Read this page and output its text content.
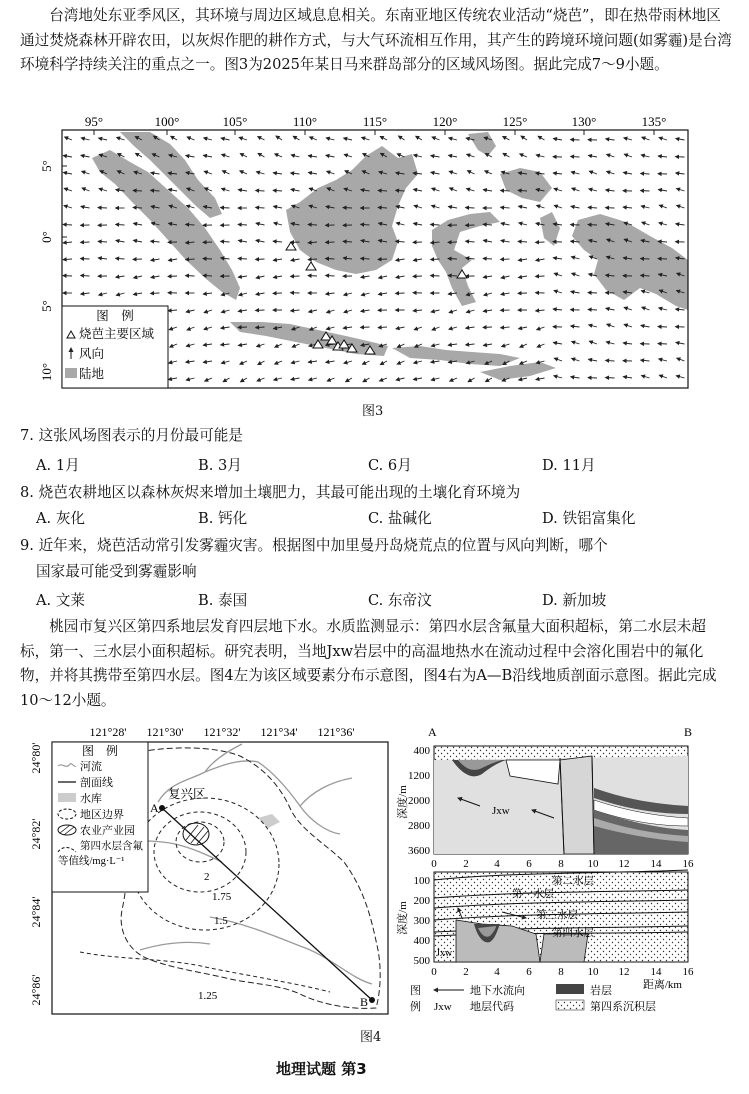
台湾地处东亚季风区，其环境与周边区域息息相关。东南亚地区传统农业活动“烧芭”，即在热带雨林地区通过焚烧森林开辟农田，以灰烬作肥的耕作方式，与大气环流相互作用，其产生的跨境环境问题(如雾霾)是台湾环境科学持续关注的重点之一。图3为2025年某日马来群岛部分的区域风场图。据此完成7～9小题。

95°	100°	105°	110°	115°	120°	125°	130°	135°
5°
0°
5°
10°
图　例
烧芭主要区域
风向
陆地
图3
7. 这张风场图表示的月份最可能是
A. 1月	B. 3月	C. 6月	D. 11月
8. 烧芭农耕地区以森林灰烬来增加土壤肥力，其最可能出现的土壤化育环境为
A. 灰化	B. 钙化	C. 盐碱化	D. 铁铝富集化
9. 近年来，烧芭活动常引发雾霾灾害。根据图中加里曼丹岛烧荒点的位置与风向判断，哪个
国家最可能受到雾霾影响
A. 文莱	B. 泰国	C. 东帝汶	D. 新加坡

桃园市复兴区第四系地层发育四层地下水。水质监测显示：第四水层含氟量大面积超标，第二水层未超标，第一、三水层小面积超标。研究表明，当地Jxw岩层中的高温地热水在流动过程中会溶化围岩中的氟化物，并将其携带至第四水层。图4左为该区域要素分布示意图，图4右为A—B沿线地质剖面示意图。据此完成10～12小题。

121°28' 121°30' 121°32' 121°34' 121°36'
24°80'
24°82'
24°84'
24°86'
A
B
复兴区
2
1.75
1.5
1.25
图　例
河流
剖面线
水库
地区边界
农业产业园
第四水层含氟
等值线/mg·L⁻¹
A	B
Jxw
深度/m
400
1200
2000
2800
3600
0 2 4 6 8 10 12 14 16
第二水层
第一水层
第三水层
第四水层
Jxw
深度/m
100
200
300
400
500
0 2 4 6 8 10 12 14 16
距离/km
图
例
地下水流向
Jxw 地层代码
岩层
第四系沉积层
图4
地理试题 第3
